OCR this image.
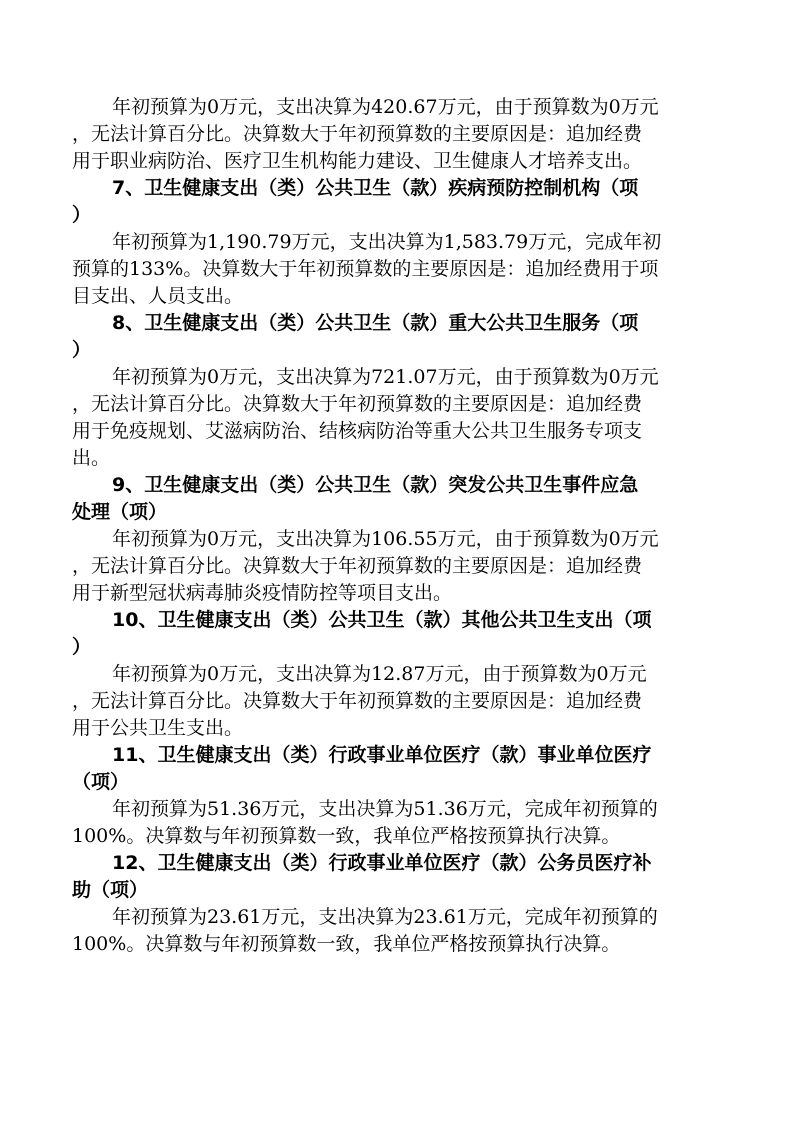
年初预算为0万元，支出决算为420.67万元，由于预算数为0万元
，无法计算百分比。决算数大于年初预算数的主要原因是：追加经费
用于职业病防治、医疗卫生机构能力建设、卫生健康人才培养支出。

7、卫生健康支出（类）公共卫生（款）疾病预防控制机构（项
）

年初预算为1,190.79万元，支出决算为1,583.79万元，完成年初
预算的133%。决算数大于年初预算数的主要原因是：追加经费用于项
目支出、人员支出。

8、卫生健康支出（类）公共卫生（款）重大公共卫生服务（项
）

年初预算为0万元，支出决算为721.07万元，由于预算数为0万元
，无法计算百分比。决算数大于年初预算数的主要原因是：追加经费
用于免疫规划、艾滋病防治、结核病防治等重大公共卫生服务专项支
出。

9、卫生健康支出（类）公共卫生（款）突发公共卫生事件应急
处理（项）

年初预算为0万元，支出决算为106.55万元，由于预算数为0万元
，无法计算百分比。决算数大于年初预算数的主要原因是：追加经费
用于新型冠状病毒肺炎疫情防控等项目支出。

10、卫生健康支出（类）公共卫生（款）其他公共卫生支出（项
）

年初预算为0万元，支出决算为12.87万元，由于预算数为0万元
，无法计算百分比。决算数大于年初预算数的主要原因是：追加经费
用于公共卫生支出。

11、卫生健康支出（类）行政事业单位医疗（款）事业单位医疗
（项）

年初预算为51.36万元，支出决算为51.36万元，完成年初预算的
100%。决算数与年初预算数一致，我单位严格按预算执行决算。

12、卫生健康支出（类）行政事业单位医疗（款）公务员医疗补
助（项）

年初预算为23.61万元，支出决算为23.61万元，完成年初预算的
100%。决算数与年初预算数一致，我单位严格按预算执行决算。
